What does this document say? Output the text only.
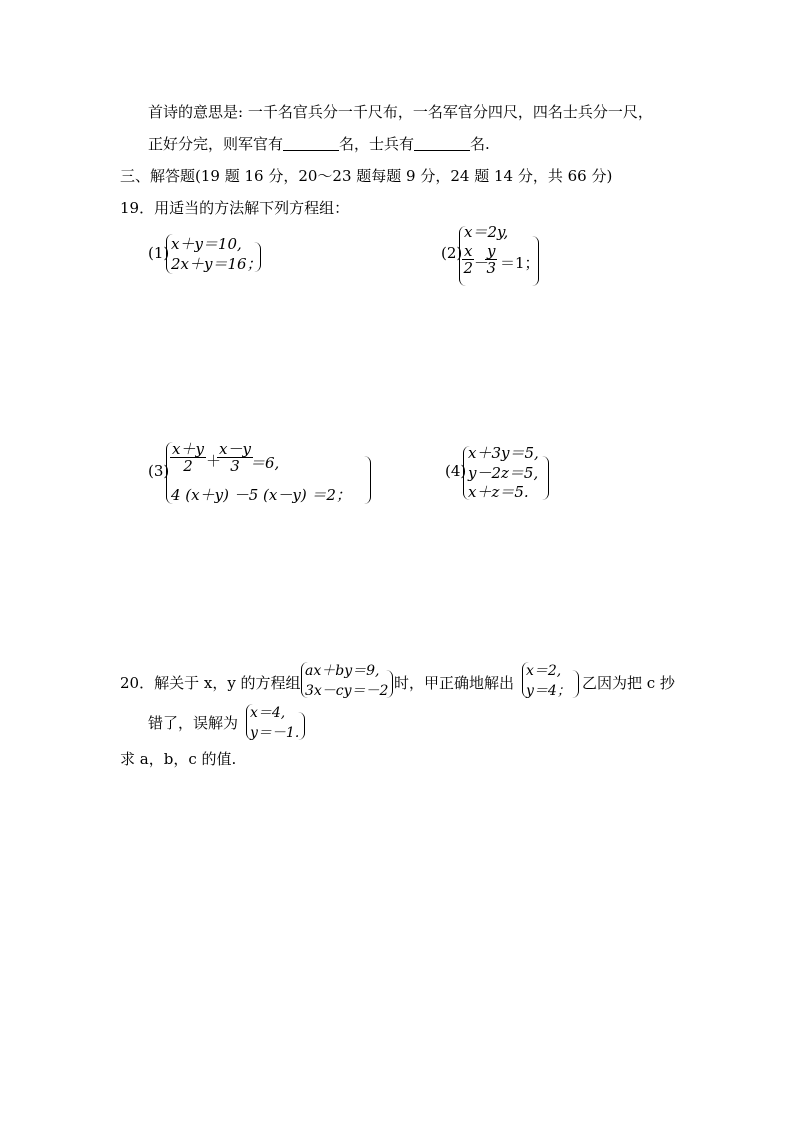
首诗的意思是: 一千名官兵分一千尺布，一名军官分四尺，四名士兵分一尺，
正好分完，则军官有	名，士兵有	名.
三、解答题(19 题 16 分，20～23 题每题 9 分，24 题 14 分，共 66 分)
19．用适当的方法解下列方程组：
(1) x＋y＝10,
2x＋y＝16；
(2)
x＝2y,
$\frac{x}{2}$ －
$\frac{y}{3} =1$；
$(3) \frac{x+y}{2}$ ＋
$\frac{x-y}{3}$
＝6,
4 (x＋y) －5 (x－y) ＝2；
(4)
x＋3y＝5,
y－2z＝5,
x＋z＝5.
20．解关于 x，y 的方程组
ax＋by＝9,
3x－cy＝－2 时，甲正确地解出
x＝2,
y＝4； 乙因为把 c 抄
错了，误解为
x＝4,
y＝－1.
求 a，b，c 的值.
